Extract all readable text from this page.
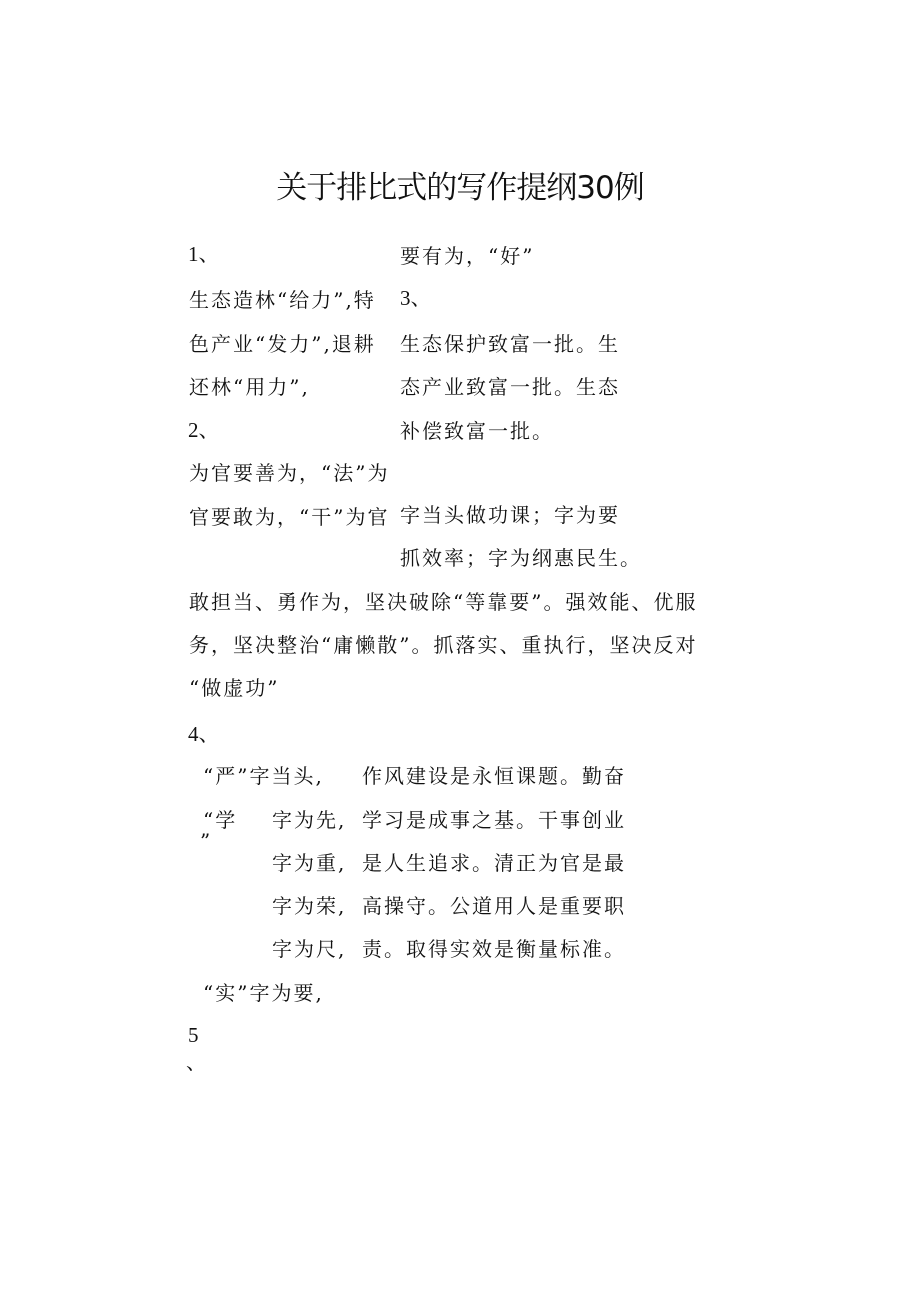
关于排比式的写作提纲30例
1、
生态造林“给力”,特
色产业“发力”,退耕
还林“用力”,
2、
为官要善为，“法”为
官要敢为，“干”为官
要有为，“好”
3、
生态保护致富一批。生
态产业致富一批。生态
补偿致富一批。
字当头做功课；字为要
抓效率；字为纲惠民生。
敢担当、勇作为，坚决破除“等靠要”。强效能、优服
务，坚决整治“庸懒散”。抓落实、重执行，坚决反对
“做虚功”
4、
“严”字当头,
“学
”
字为先,
字为重,
字为荣,
字为尺,
“实”字为要,
作风建设是永恒课题。勤奋
学习是成事之基。干事创业
是人生追求。清正为官是最
高操守。公道用人是重要职
责。取得实效是衡量标准。
5
、
